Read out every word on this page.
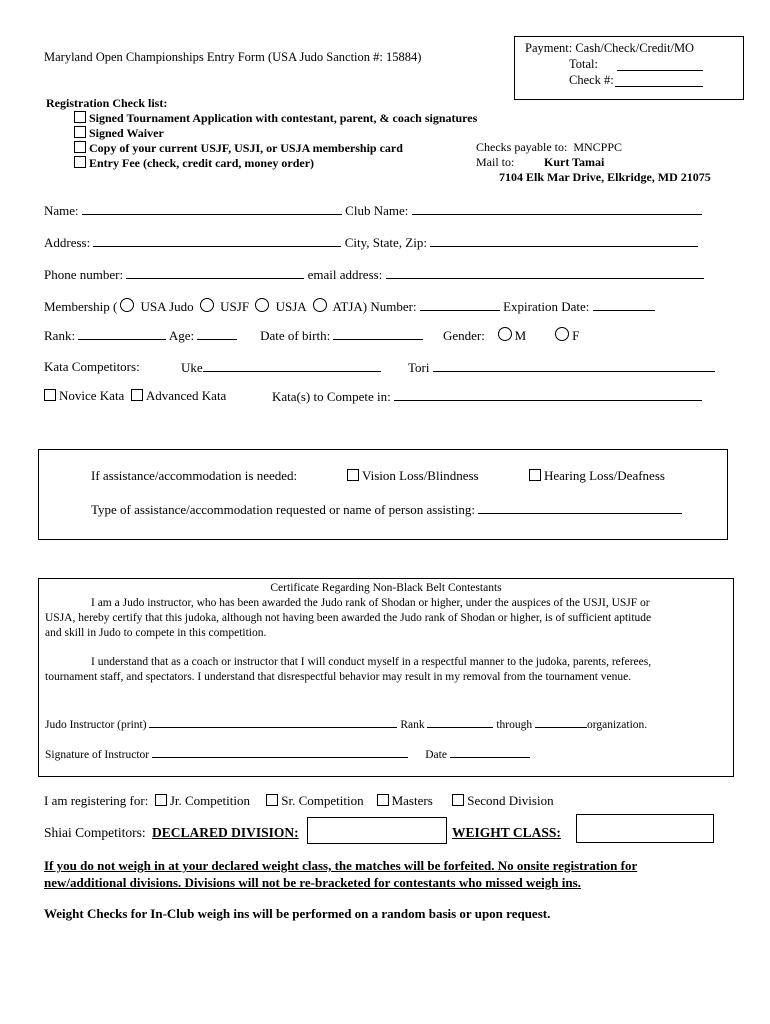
Maryland Open Championships Entry Form (USA Judo Sanction #: 15884)
Payment: Cash/Check/Credit/MO
Total:
Check #:
Registration Check list:
Signed Tournament Application with contestant, parent, & coach signatures
Signed Waiver
Copy of your current USJF, USJI, or USJA membership card
Entry Fee (check, credit card, money order)
Checks payable to: MNCPPC
Mail to: Kurt Tamai
7104 Elk Mar Drive, Elkridge, MD 21075
Name:	Club Name:
Address:	City, State, Zip:
Phone number:	email address:
Membership ( USA Judo USJF USJA ATJA) Number:	Expiration Date:
Rank:	Age:	Date of birth:	Gender: M	F
Kata Competitors:	Uke	Tori
Novice Kata Advanced Kata	Kata(s) to Compete in:
If assistance/accommodation is needed:	Vision Loss/Blindness	Hearing Loss/Deafness
Type of assistance/accommodation requested or name of person assisting:
Certificate Regarding Non-Black Belt Contestants
I am a Judo instructor, who has been awarded the Judo rank of Shodan or higher, under the auspices of the USJI, USJF or
USJA, hereby certify that this judoka, although not having been awarded the Judo rank of Shodan or higher, is of sufficient aptitude
and skill in Judo to compete in this competition.
I understand that as a coach or instructor that I will conduct myself in a respectful manner to the judoka, parents, referees,
tournament staff, and spectators. I understand that disrespectful behavior may result in my removal from the tournament venue.
Judo Instructor (print)	Rank	through	organization.
Signature of Instructor	Date
I am registering for: Jr. Competition Sr. Competition Masters	Second Division
Shiai Competitors: DECLARED DIVISION:	WEIGHT CLASS:
If you do not weigh in at your declared weight class, the matches will be forfeited. No onsite registration for
new/additional divisions. Divisions will not be re-bracketed for contestants who missed weigh ins.
Weight Checks for In-Club weigh ins will be performed on a random basis or upon request.
